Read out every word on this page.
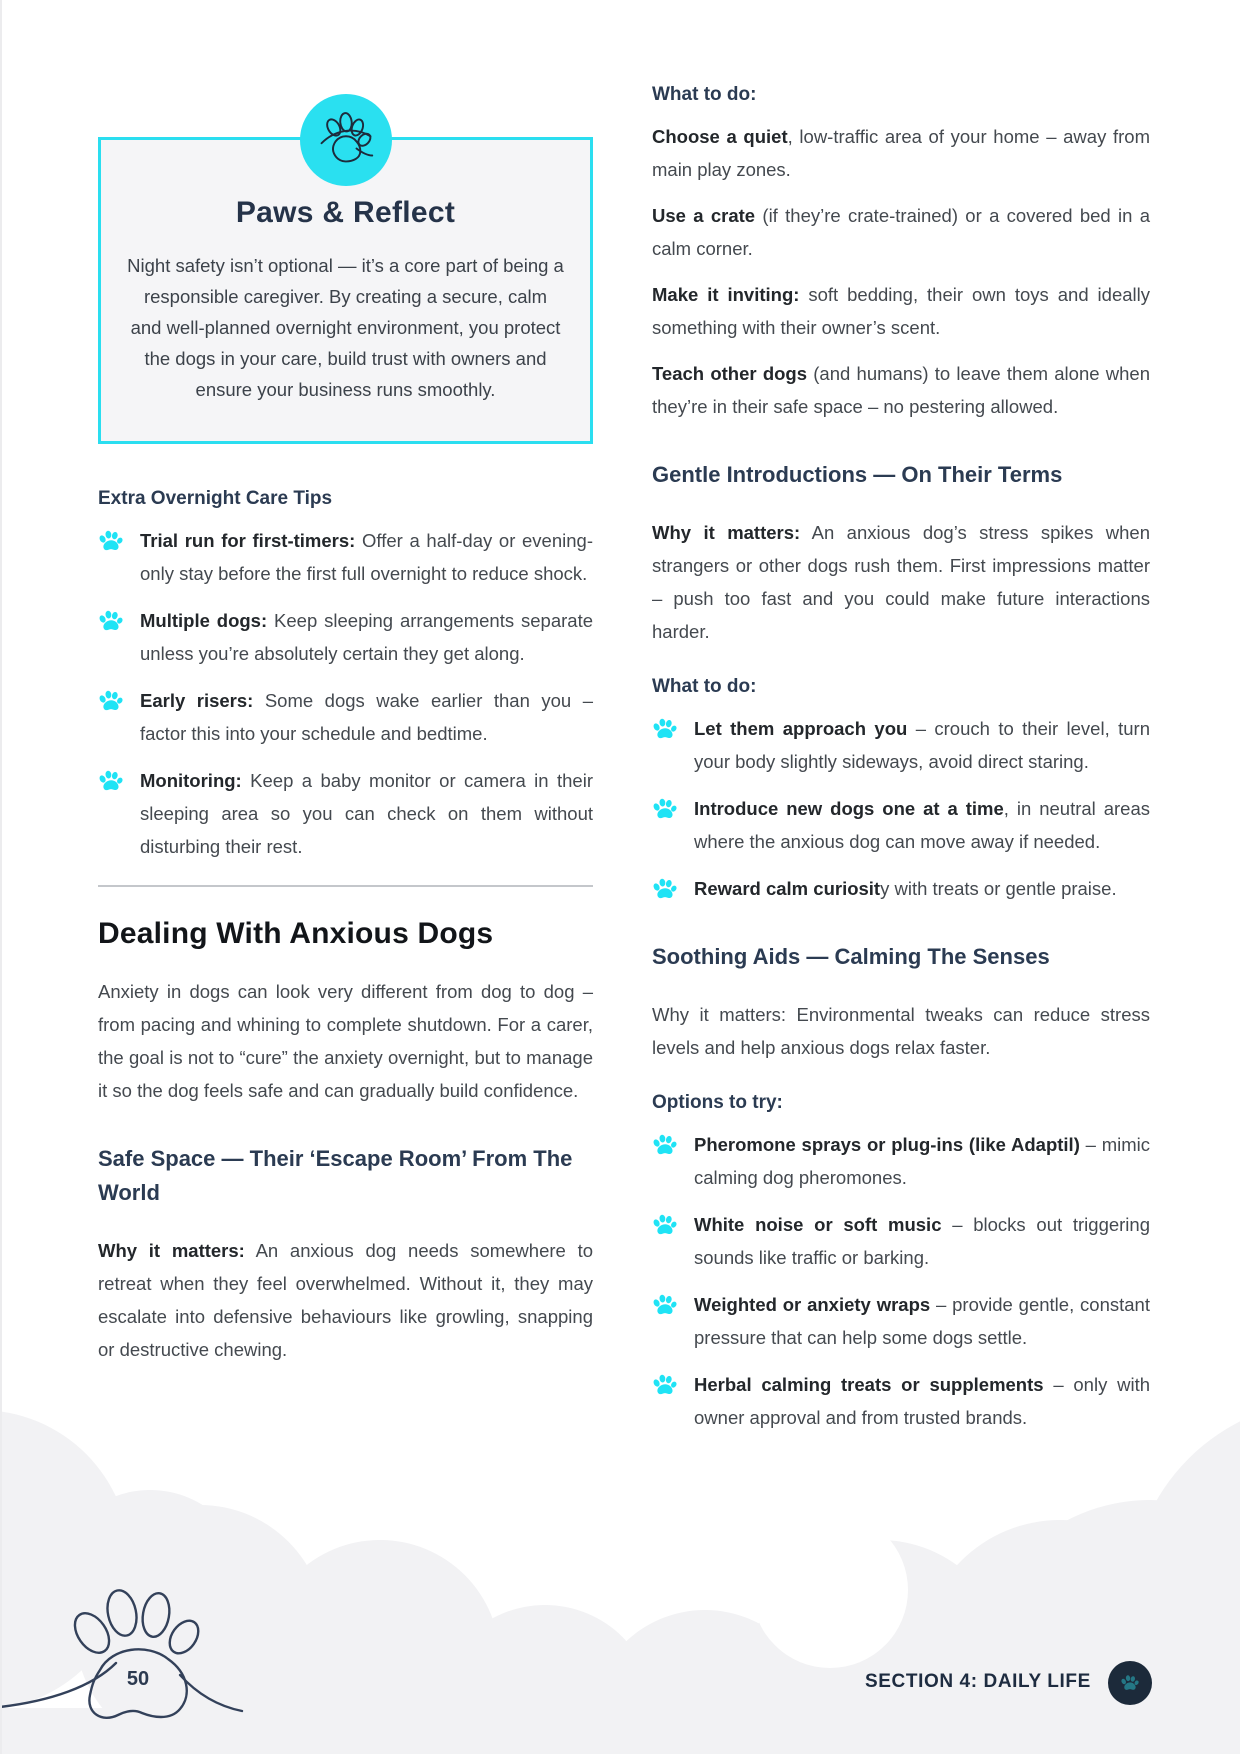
Paws & Reflect

Night safety isn’t optional — it’s a core part of being a responsible caregiver. By creating a secure, calm and well-planned overnight environment, you protect the dogs in your care, build trust with owners and ensure your business runs smoothly.

Extra Overnight Care Tips

Trial run for first-timers: Offer a half-day or evening-only stay before the first full overnight to reduce shock.

Multiple dogs: Keep sleeping arrangements separate unless you’re absolutely certain they get along.

Early risers: Some dogs wake earlier than you – factor this into your schedule and bedtime.

Monitoring: Keep a baby monitor or camera in their sleeping area so you can check on them without disturbing their rest.

Dealing With Anxious Dogs

Anxiety in dogs can look very different from dog to dog – from pacing and whining to complete shutdown. For a carer, the goal is not to “cure” the anxiety overnight, but to manage it so the dog feels safe and can gradually build confidence.

Safe Space — Their ‘Escape Room’ From The World

Why it matters: An anxious dog needs somewhere to retreat when they feel overwhelmed. Without it, they may escalate into defensive behaviours like growling, snapping or destructive chewing.

What to do:

Choose a quiet, low-traffic area of your home – away from main play zones.

Use a crate (if they’re crate-trained) or a covered bed in a calm corner.

Make it inviting: soft bedding, their own toys and ideally something with their owner’s scent.

Teach other dogs (and humans) to leave them alone when they’re in their safe space – no pestering allowed.

Gentle Introductions — On Their Terms

Why it matters: An anxious dog’s stress spikes when strangers or other dogs rush them. First impressions matter – push too fast and you could make future interactions harder.

What to do:

Let them approach you – crouch to their level, turn your body slightly sideways, avoid direct staring.

Introduce new dogs one at a time, in neutral areas where the anxious dog can move away if needed.

Reward calm curiosity with treats or gentle praise.

Soothing Aids — Calming The Senses

Why it matters: Environmental tweaks can reduce stress levels and help anxious dogs relax faster.

Options to try:

Pheromone sprays or plug-ins (like Adaptil) – mimic calming dog pheromones.

White noise or soft music – blocks out triggering sounds like traffic or barking.

Weighted or anxiety wraps – provide gentle, constant pressure that can help some dogs settle.

Herbal calming treats or supplements – only with owner approval and from trusted brands.

50	SECTION 4: DAILY LIFE
